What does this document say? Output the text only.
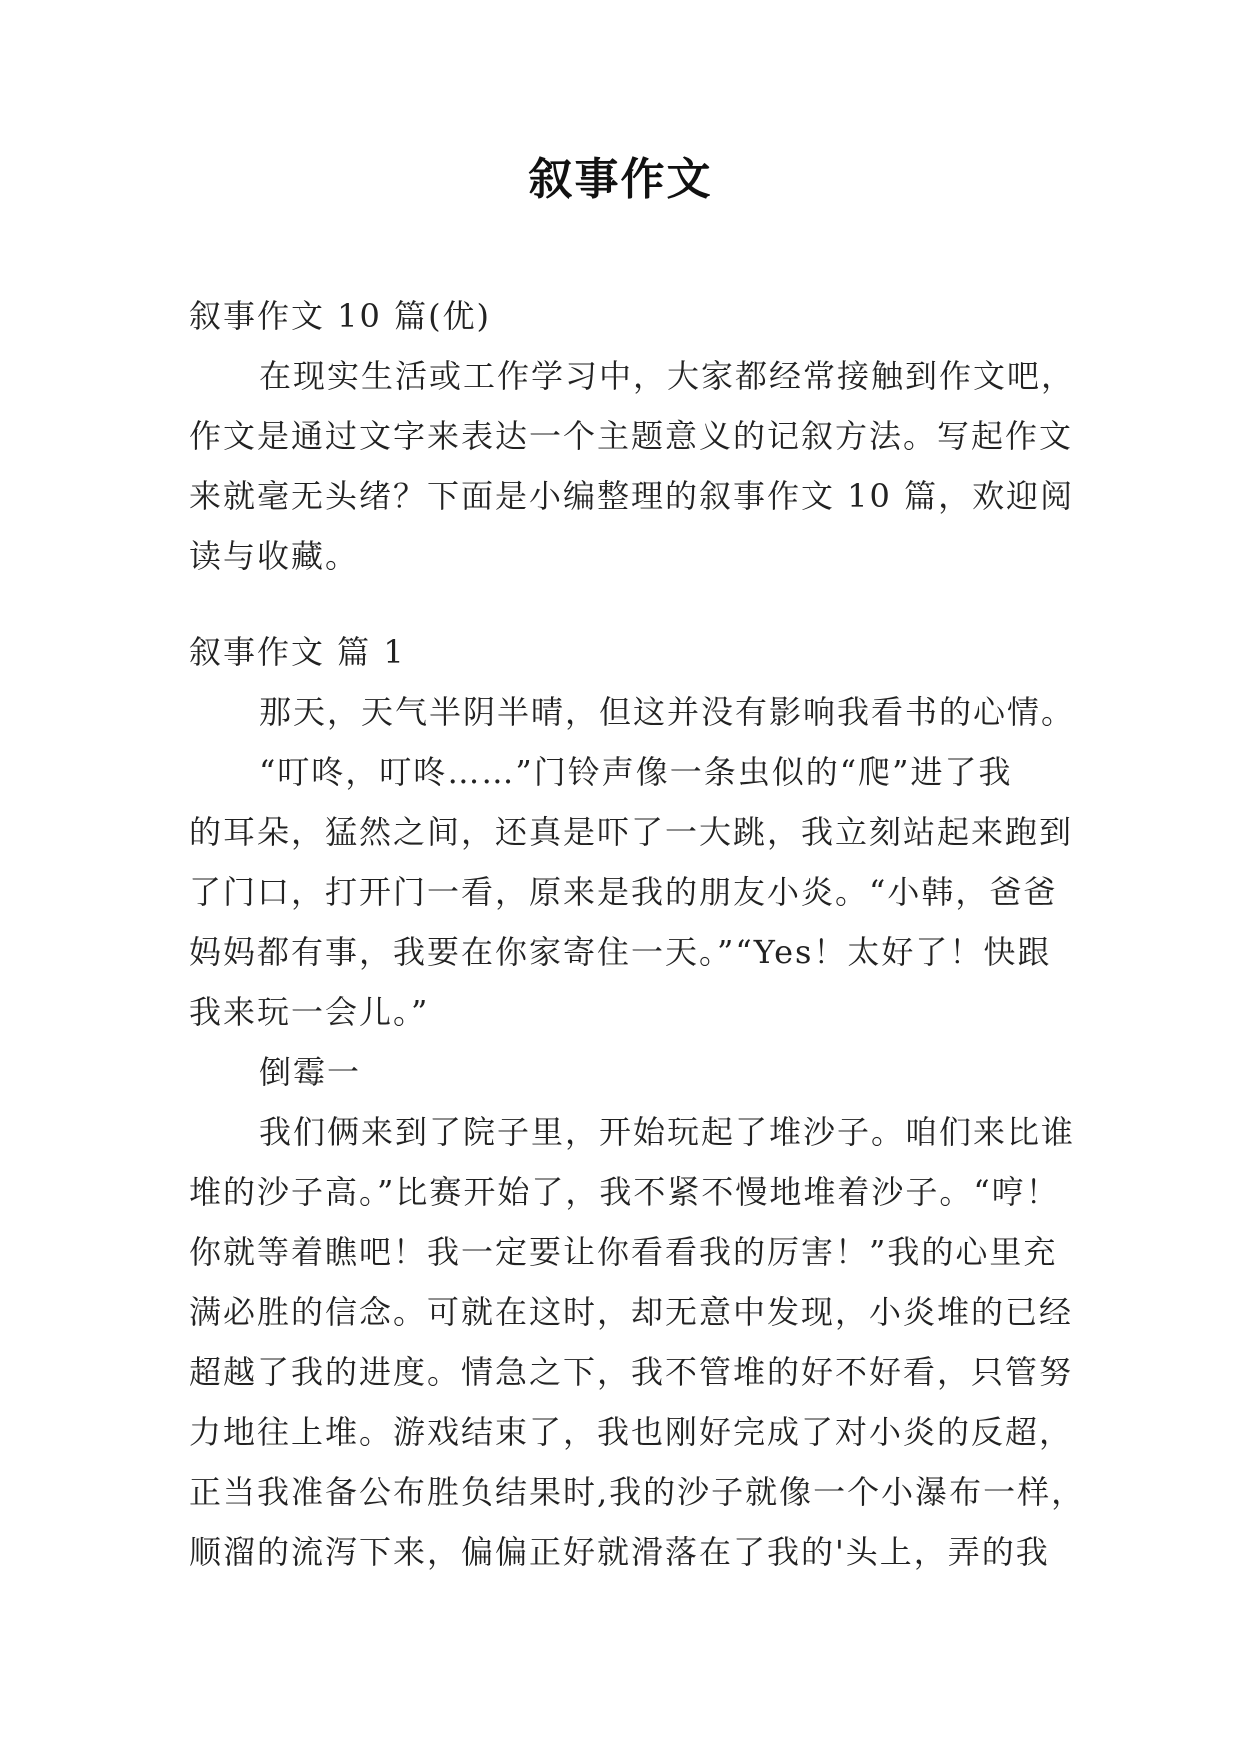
叙事作文
叙事作文 10 篇(优)
在现实生活或工作学习中，大家都经常接触到作文吧，
作文是通过文字来表达一个主题意义的记叙方法。写起作文
来就毫无头绪？下面是小编整理的叙事作文 10 篇，欢迎阅
读与收藏。
叙事作文 篇 1
那天，天气半阴半晴，但这并没有影响我看书的心情。
“叮咚，叮咚……”门铃声像一条虫似的“爬”进了我
的耳朵，猛然之间，还真是吓了一大跳，我立刻站起来跑到
了门口，打开门一看，原来是我的朋友小炎。“小韩，爸爸
妈妈都有事，我要在你家寄住一天。”“Yes！太好了！快跟
我来玩一会儿。”
倒霉一
我们俩来到了院子里，开始玩起了堆沙子。咱们来比谁
堆的沙子高。”比赛开始了，我不紧不慢地堆着沙子。“哼！
你就等着瞧吧！我一定要让你看看我的厉害！”我的心里充
满必胜的信念。可就在这时，却无意中发现，小炎堆的已经
超越了我的进度。情急之下，我不管堆的好不好看，只管努
力地往上堆。游戏结束了，我也刚好完成了对小炎的反超，
正当我准备公布胜负结果时,我的沙子就像一个小瀑布一样，
顺溜的流泻下来，偏偏正好就滑落在了我的'头上，弄的我
